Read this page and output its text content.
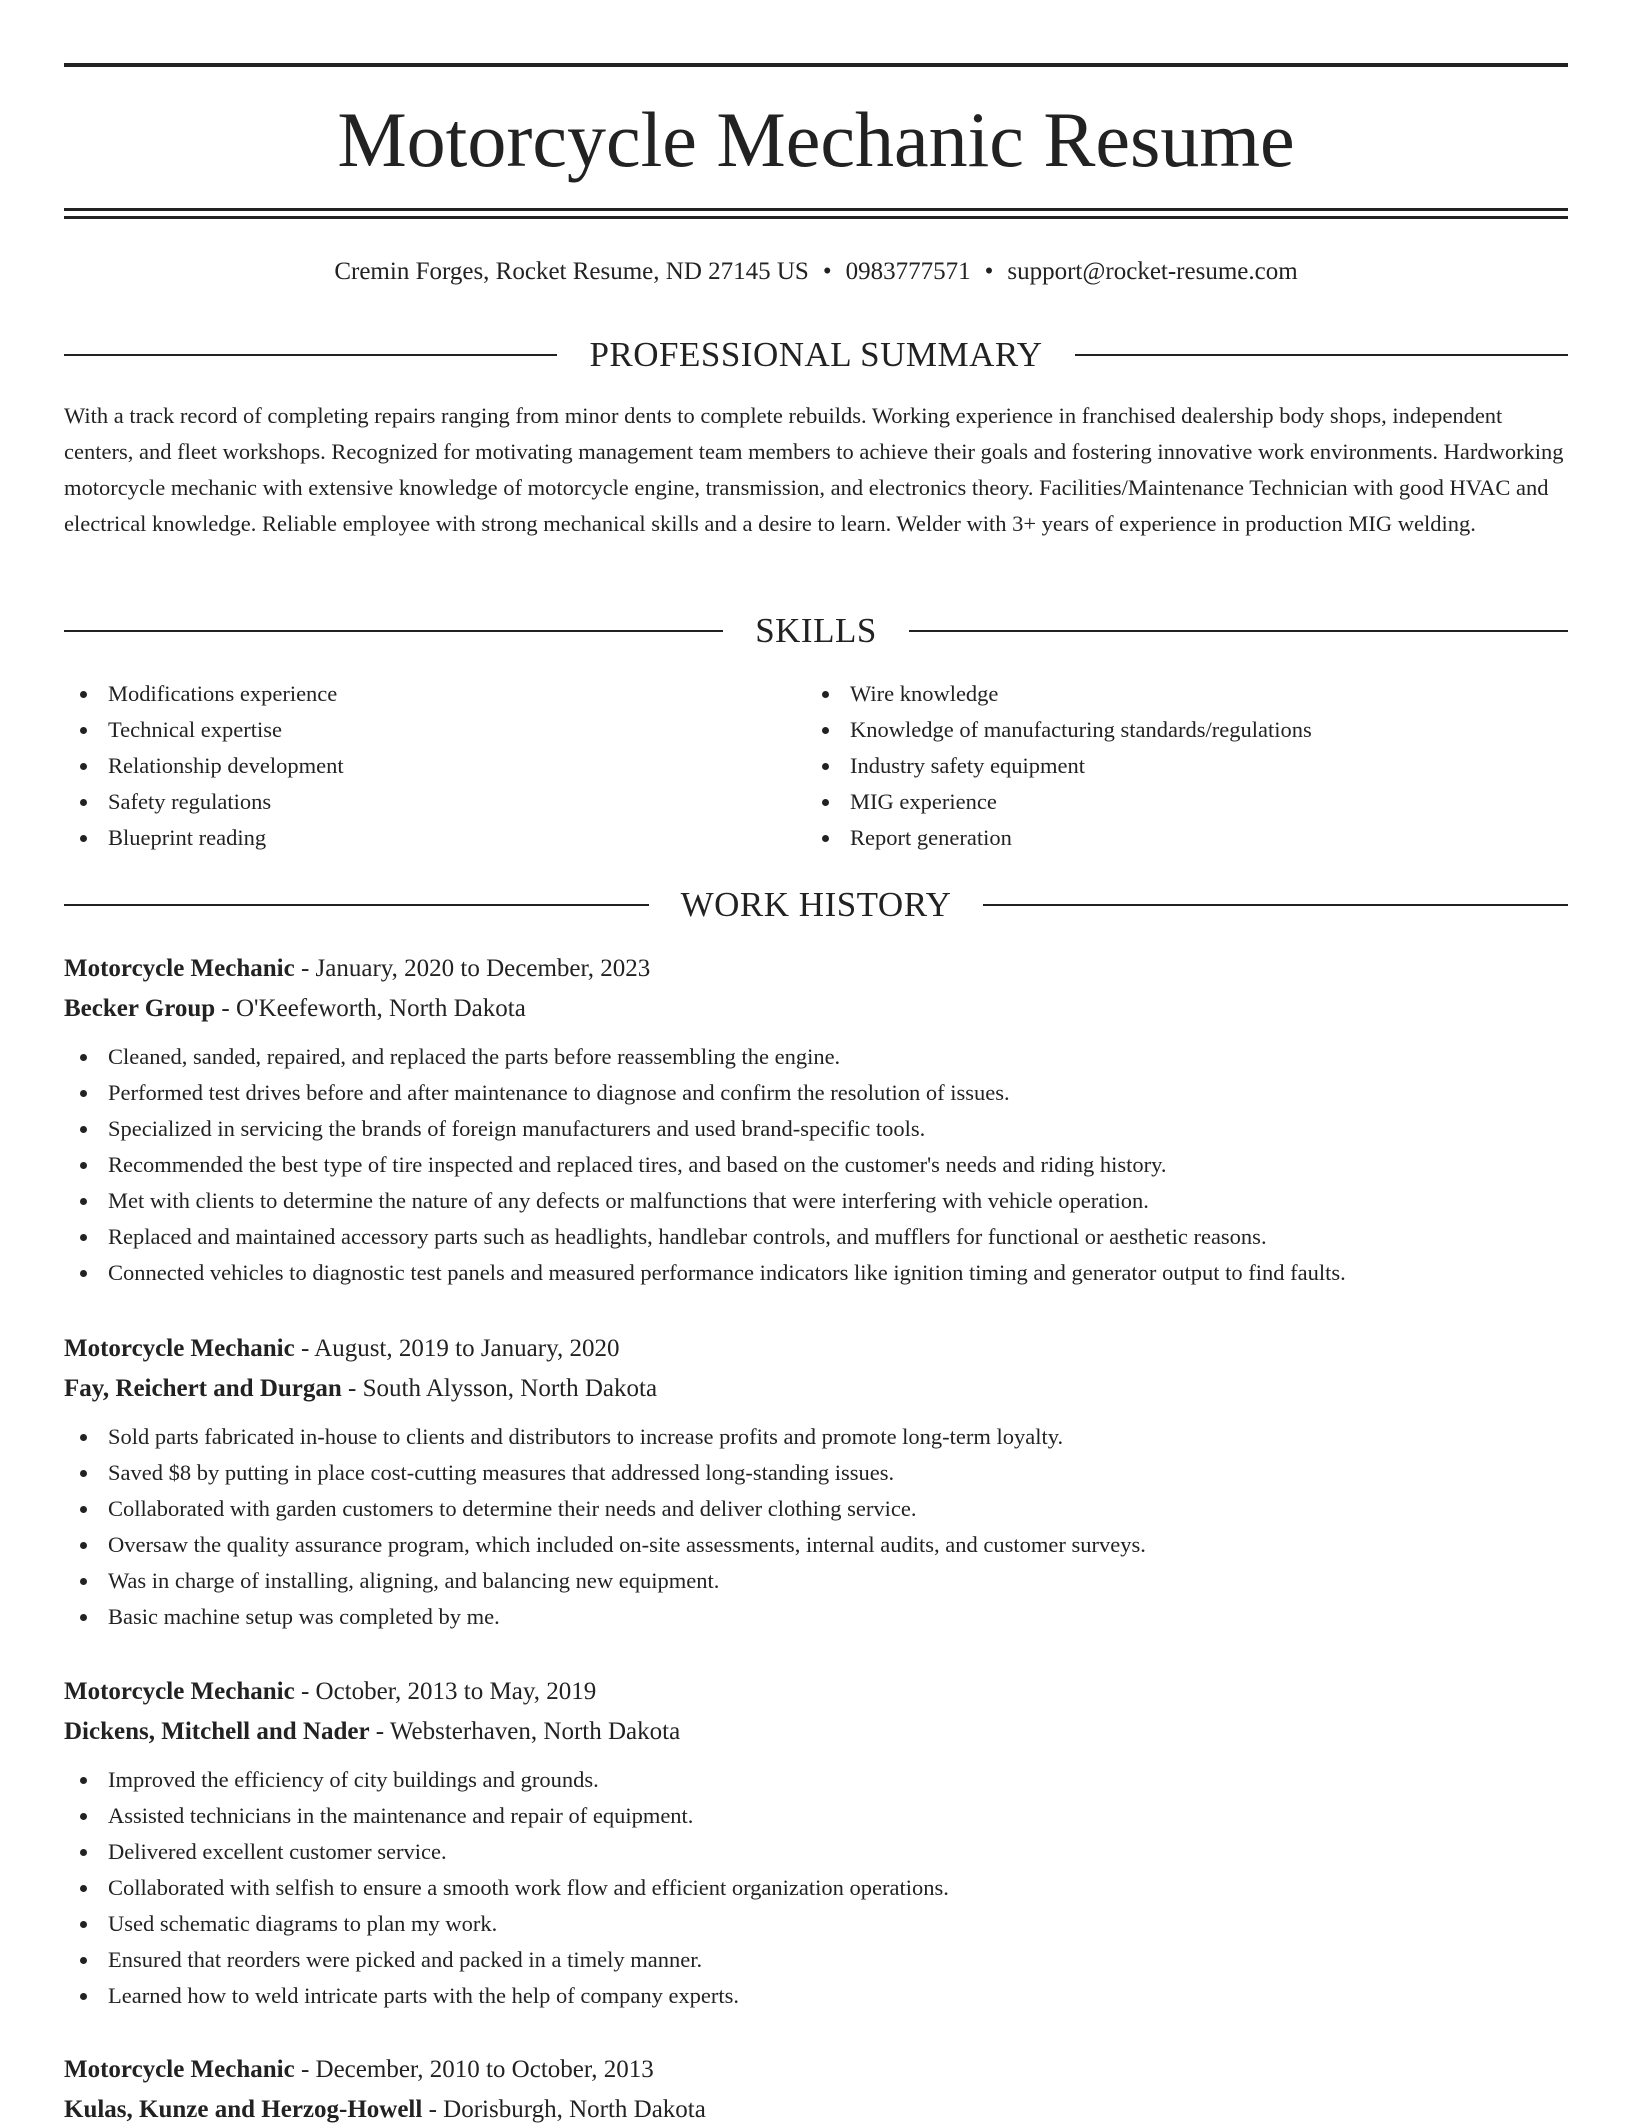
Motorcycle Mechanic Resume
Cremin Forges, Rocket Resume, ND 27145 US • 0983777571 • support@rocket-resume.com
PROFESSIONAL SUMMARY

With a track record of completing repairs ranging from minor dents to complete rebuilds. Working experience in franchised dealership body shops, independent centers, and fleet workshops. Recognized for motivating management team members to achieve their goals and fostering innovative work environments. Hardworking motorcycle mechanic with extensive knowledge of motorcycle engine, transmission, and electronics theory. Facilities/Maintenance Technician with good HVAC and electrical knowledge. Reliable employee with strong mechanical skills and a desire to learn. Welder with 3+ years of experience in production MIG welding.

SKILLS
Modifications experience
Technical expertise
Relationship development
Safety regulations
Blueprint reading
Wire knowledge
Knowledge of manufacturing standards/regulations
Industry safety equipment
MIG experience
Report generation
WORK HISTORY

Motorcycle Mechanic - January, 2020 to December, 2023

Becker Group - O'Keefeworth, North Dakota

Cleaned, sanded, repaired, and replaced the parts before reassembling the engine.
Performed test drives before and after maintenance to diagnose and confirm the resolution of issues.
Specialized in servicing the brands of foreign manufacturers and used brand-specific tools.
Recommended the best type of tire inspected and replaced tires, and based on the customer's needs and riding history.
Met with clients to determine the nature of any defects or malfunctions that were interfering with vehicle operation.
Replaced and maintained accessory parts such as headlights, handlebar controls, and mufflers for functional or aesthetic reasons.
Connected vehicles to diagnostic test panels and measured performance indicators like ignition timing and generator output to find faults.

Motorcycle Mechanic - August, 2019 to January, 2020

Fay, Reichert and Durgan - South Alysson, North Dakota

Sold parts fabricated in-house to clients and distributors to increase profits and promote long-term loyalty.
Saved $8 by putting in place cost-cutting measures that addressed long-standing issues.
Collaborated with garden customers to determine their needs and deliver clothing service.
Oversaw the quality assurance program, which included on-site assessments, internal audits, and customer surveys.
Was in charge of installing, aligning, and balancing new equipment.
Basic machine setup was completed by me.

Motorcycle Mechanic - October, 2013 to May, 2019

Dickens, Mitchell and Nader - Websterhaven, North Dakota

Improved the efficiency of city buildings and grounds.
Assisted technicians in the maintenance and repair of equipment.
Delivered excellent customer service.
Collaborated with selfish to ensure a smooth work flow and efficient organization operations.
Used schematic diagrams to plan my work.
Ensured that reorders were picked and packed in a timely manner.
Learned how to weld intricate parts with the help of company experts.

Motorcycle Mechanic - December, 2010 to October, 2013

Kulas, Kunze and Herzog-Howell - Dorisburgh, North Dakota
